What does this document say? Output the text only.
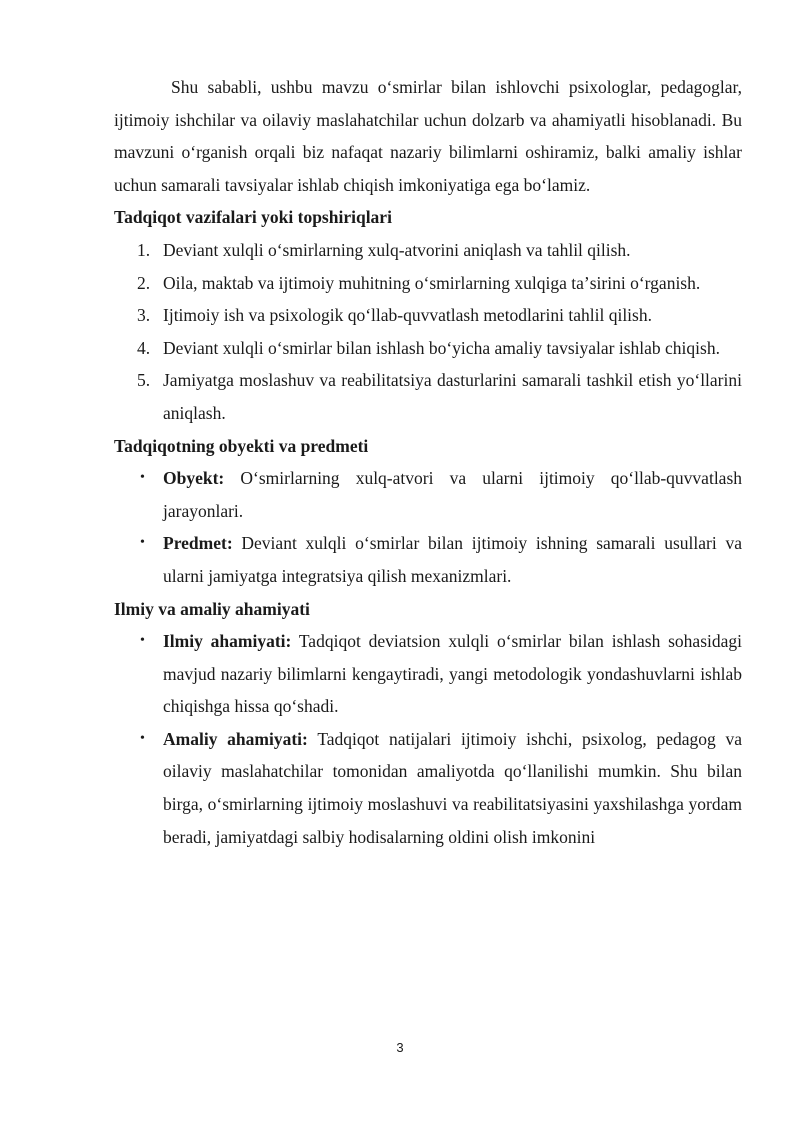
Shu sababli, ushbu mavzu oʻsmirlar bilan ishlovchi psixologlar, pedagoglar, ijtimoiy ishchilar va oilaviy maslahatchilar uchun dolzarb va ahamiyatli hisoblanadi. Bu mavzuni oʻrganish orqali biz nafaqat nazariy bilimlarni oshiramiz, balki amaliy ishlar uchun samarali tavsiyalar ishlab chiqish imkoniyatiga ega boʻlamiz.

Tadqiqot vazifalari yoki topshiriqlari
1. Deviant xulqli oʻsmirlarning xulq-atvorini aniqlash va tahlil qilish.
2. Oila, maktab va ijtimoiy muhitning oʻsmirlarning xulqiga taʼsirini oʻrganish.
3. Ijtimoiy ish va psixologik qoʻllab-quvvatlash metodlarini tahlil qilish.
4. Deviant xulqli oʻsmirlar bilan ishlash boʻyicha amaliy tavsiyalar ishlab chiqish.
5. Jamiyatga moslashuv va reabilitatsiya dasturlarini samarali tashkil etish yoʻllarini aniqlash.
Tadqiqotning obyekti va predmeti
• Obyekt: Oʻsmirlarning xulq-atvori va ularni ijtimoiy qoʻllab-quvvatlash jarayonlari.
• Predmet: Deviant xulqli oʻsmirlar bilan ijtimoiy ishning samarali usullari va ularni jamiyatga integratsiya qilish mexanizmlari.
Ilmiy va amaliy ahamiyati
• Ilmiy ahamiyati: Tadqiqot deviatsion xulqli oʻsmirlar bilan ishlash sohasidagi mavjud nazariy bilimlarni kengaytiradi, yangi metodologik yondashuvlarni ishlab chiqishga hissa qoʻshadi.
• Amaliy ahamiyati: Tadqiqot natijalari ijtimoiy ishchi, psixolog, pedagog va oilaviy maslahatchilar tomonidan amaliyotda qoʻllanilishi mumkin. Shu bilan birga, oʻsmirlarning ijtimoiy moslashuvi va reabilitatsiyasini yaxshilashga yordam beradi, jamiyatdagi salbiy hodisalarning oldini olish imkonini
3
